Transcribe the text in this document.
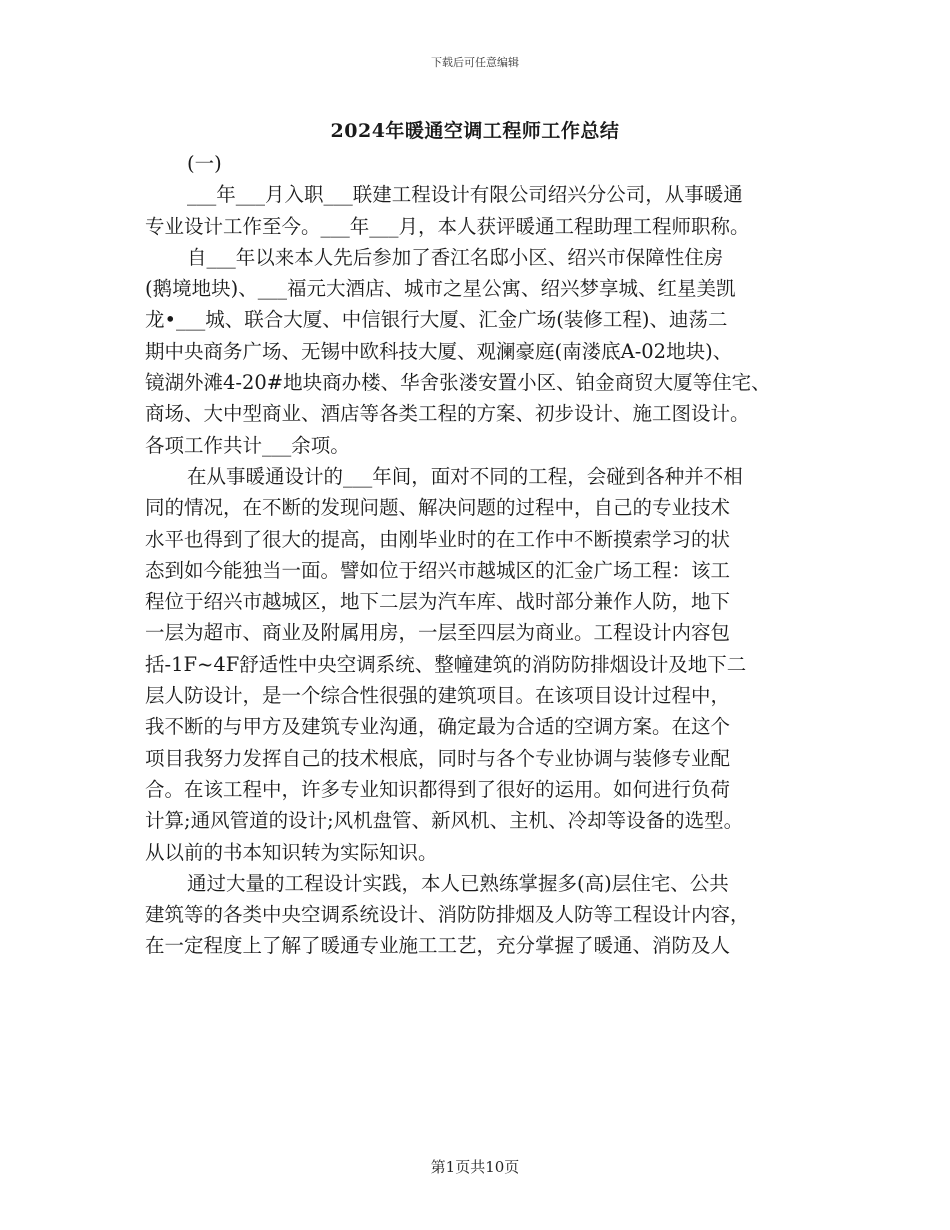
下载后可任意编辑
2024年暖通空调工程师工作总结
(一)
___年___月入职___联建工程设计有限公司绍兴分公司，从事暖通
专业设计工作至今。___年___月，本人获评暖通工程助理工程师职称。
自___年以来本人先后参加了香江名邸小区、绍兴市保障性住房
(鹅境地块)、___福元大酒店、城市之星公寓、绍兴梦享城、红星美凯
龙•___城、联合大厦、中信银行大厦、汇金广场(装修工程)、迪荡二
期中央商务广场、无锡中欧科技大厦、观澜豪庭(南溇底A-02地块)、
镜湖外滩4-20#地块商办楼、华舍张溇安置小区、铂金商贸大厦等住宅、
商场、大中型商业、酒店等各类工程的方案、初步设计、施工图设计。
各项工作共计___余项。
在从事暖通设计的___年间，面对不同的工程，会碰到各种并不相
同的情况，在不断的发现问题、解决问题的过程中，自己的专业技术
水平也得到了很大的提高，由刚毕业时的在工作中不断摸索学习的状
态到如今能独当一面。譬如位于绍兴市越城区的汇金广场工程：该工
程位于绍兴市越城区，地下二层为汽车库、战时部分兼作人防，地下
一层为超市、商业及附属用房，一层至四层为商业。工程设计内容包
括-1F~4F舒适性中央空调系统、整幢建筑的消防防排烟设计及地下二
层人防设计，是一个综合性很强的建筑项目。在该项目设计过程中，
我不断的与甲方及建筑专业沟通，确定最为合适的空调方案。在这个
项目我努力发挥自己的技术根底，同时与各个专业协调与装修专业配
合。在该工程中，许多专业知识都得到了很好的运用。如何进行负荷
计算;通风管道的设计;风机盘管、新风机、主机、冷却等设备的选型。
从以前的书本知识转为实际知识。
通过大量的工程设计实践，本人已熟练掌握多(高)层住宅、公共
建筑等的各类中央空调系统设计、消防防排烟及人防等工程设计内容，
在一定程度上了解了暖通专业施工工艺，充分掌握了暖通、消防及人
第1页共10页
